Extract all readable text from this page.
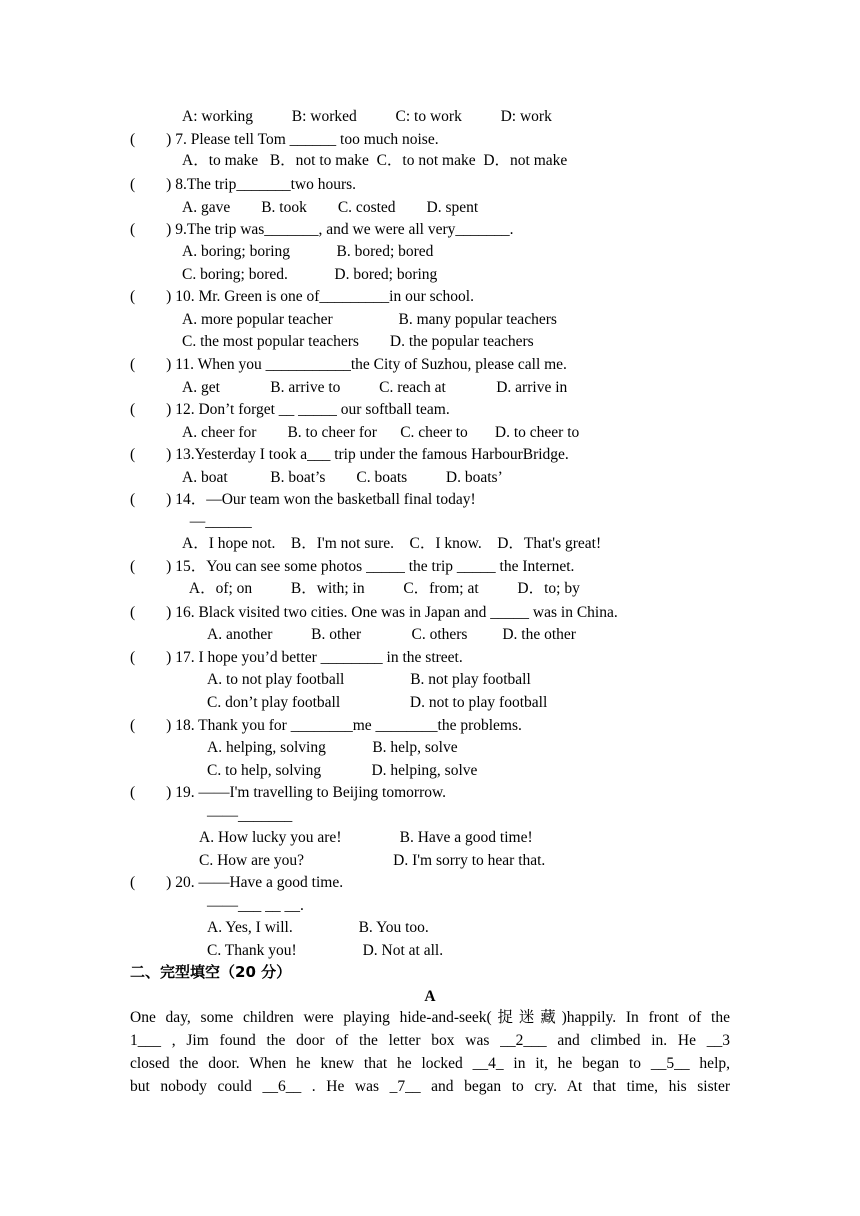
A: working          B: worked          C: to work          D: work
(        ) 7. Please tell Tom ______ too much noise.
A．to make   B．not to make  C．to not make  D．not make
(        ) 8.The trip_______two hours.
A. gave        B. took        C. costed        D. spent
(        ) 9.The trip was_______, and we were all very_______.
A. boring; boring            B. bored; bored
C. boring; bored.            D. bored; boring
(        ) 10. Mr. Green is one of_________in our school.
A. more popular teacher                 B. many popular teachers
C. the most popular teachers        D. the popular teachers
(        ) 11. When you ___________the City of Suzhou, please call me.
A. get             B. arrive to          C. reach at             D. arrive in
(        ) 12. Don’t forget __ _____ our softball team.
A. cheer for        B. to cheer for      C. cheer to       D. to cheer to
(        ) 13.Yesterday I took a___ trip under the famous HarbourBridge.
A. boat           B. boat’s        C. boats          D. boats’
(        ) 14．—Our team won the basketball final today!
—______
A．I hope not.    B．I'm not sure.    C．I know.    D．That's great!
(        ) 15．You can see some photos _____ the trip _____ the Internet.
A．of; on          B．with; in          C．from; at          D．to; by
(        ) 16. Black visited two cities. One was in Japan and _____ was in China.
A. another          B. other             C. others         D. the other
(        ) 17. I hope you’d better ________ in the street.
A. to not play football                 B. not play football
C. don’t play football                  D. not to play football
(        ) 18. Thank you for ________me ________the problems.
A. helping, solving            B. help, solve
C. to help, solving             D. helping, solve
(        ) 19. ——I'm travelling to Beijing tomorrow.
——_______
A. How lucky you are!               B. Have a good time!
C. How are you?                       D. I'm sorry to hear that.
(        ) 20. ——Have a good time.
——___ __ __.
A. Yes, I will.                 B. You too.
C. Thank you!                 D. Not at all.
二、完型填空（20 分）
A
One day, some children were playing hide-and-seek(捉迷藏)happily. In front of the
1___ , Jim found the door of the letter box was __2___ and climbed in. He __3
closed the door. When he knew that he locked __4_ in it, he began to __5__ help,
but nobody could __6__ . He was _7__ and began to cry. At that time, his sister
